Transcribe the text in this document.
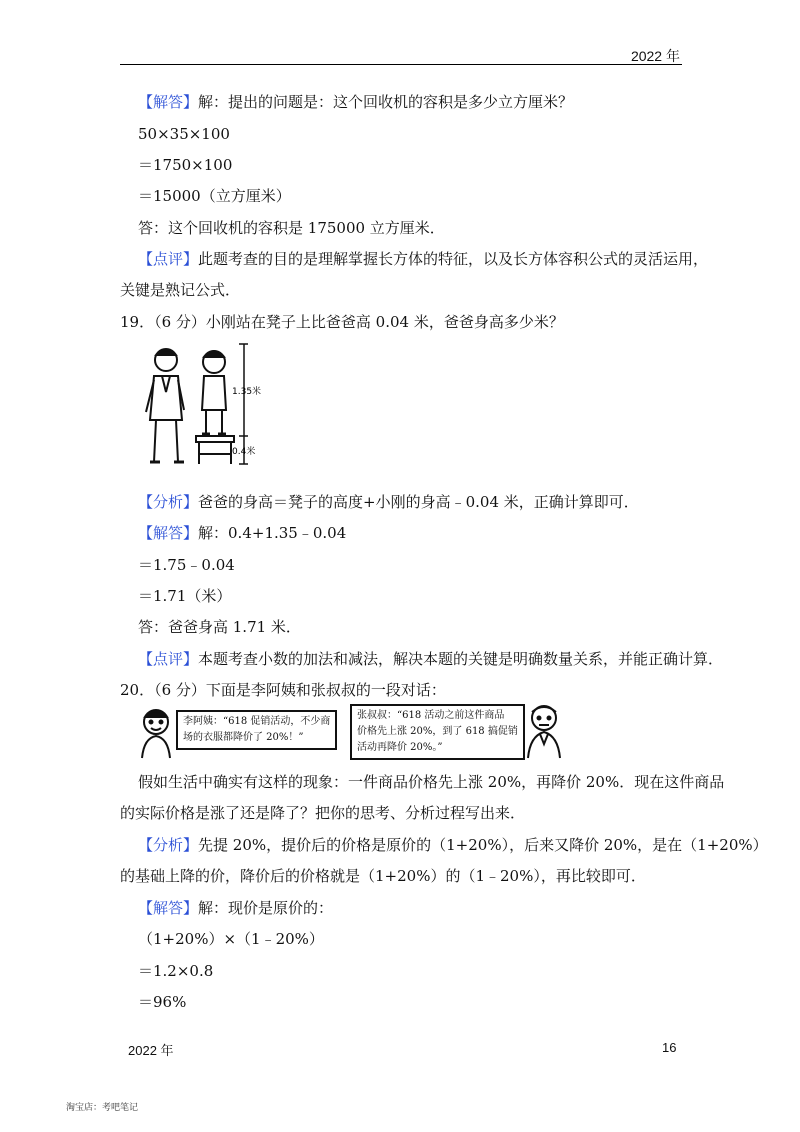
2022 年
【解答】解：提出的问题是：这个回收机的容积是多少立方厘米？
50×35×100
＝1750×100
＝15000（立方厘米）
答：这个回收机的容积是 175000 立方厘米．
【点评】此题考查的目的是理解掌握长方体的特征，以及长方体容积公式的灵活运用，
关键是熟记公式．
19．（6 分）小刚站在凳子上比爸爸高 0.04 米，爸爸身高多少米？
1.35米
0.4米
【分析】爸爸的身高＝凳子的高度+小刚的身高﹣0.04 米，正确计算即可．
【解答】解：0.4+1.35﹣0.04
＝1.75﹣0.04
＝1.71（米）
答：爸爸身高 1.71 米．
【点评】本题考查小数的加法和减法，解决本题的关键是明确数量关系，并能正确计算．
20．（6 分）下面是李阿姨和张叔叔的一段对话：
李阿姨：“618 促销活动，不少商
场的衣服都降价了 20%！”
张叔叔：“618 活动之前这件商品
价格先上涨 20%，到了 618 搞促销
活动再降价 20%。”
假如生活中确实有这样的现象：一件商品价格先上涨 20%，再降价 20%．现在这件商品
的实际价格是涨了还是降了？把你的思考、分析过程写出来．
【分析】先提 20%，提价后的价格是原价的（1+20%），后来又降价 20%，是在（1+20%）
的基础上降的价，降价后的价格就是（1+20%）的（1﹣20%），再比较即可．
【解答】解：现价是原价的：
（1+20%）×（1﹣20%）
＝1.2×0.8
＝96%
2022 年	16
淘宝店：考吧笔记
